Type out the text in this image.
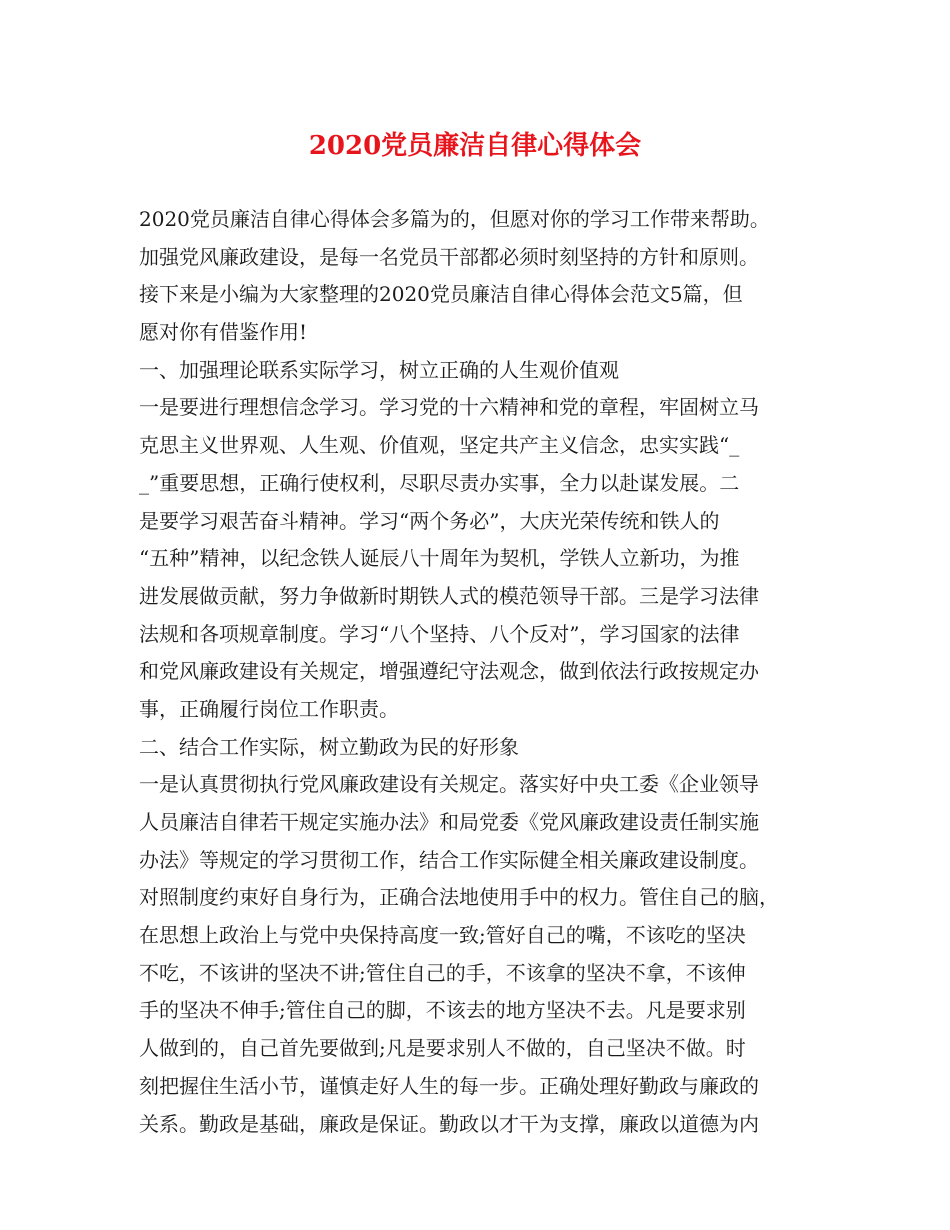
2020党员廉洁自律心得体会
2020党员廉洁自律心得体会多篇为的，但愿对你的学习工作带来帮助。
加强党风廉政建设，是每一名党员干部都必须时刻坚持的方针和原则。
接下来是小编为大家整理的2020党员廉洁自律心得体会范文5篇，但
愿对你有借鉴作用!
一、加强理论联系实际学习，树立正确的人生观价值观
一是要进行理想信念学习。学习党的十六精神和党的章程，牢固树立马
克思主义世界观、人生观、价值观，坚定共产主义信念，忠实实践“_
_”重要思想，正确行使权利，尽职尽责办实事，全力以赴谋发展。二
是要学习艰苦奋斗精神。学习“两个务必”，大庆光荣传统和铁人的
“五种”精神，以纪念铁人诞辰八十周年为契机，学铁人立新功，为推
进发展做贡献，努力争做新时期铁人式的模范领导干部。三是学习法律
法规和各项规章制度。学习“八个坚持、八个反对”，学习国家的法律
和党风廉政建设有关规定，增强遵纪守法观念，做到依法行政按规定办
事，正确履行岗位工作职责。
二、结合工作实际，树立勤政为民的好形象
一是认真贯彻执行党风廉政建设有关规定。落实好中央工委《企业领导
人员廉洁自律若干规定实施办法》和局党委《党风廉政建设责任制实施
办法》等规定的学习贯彻工作，结合工作实际健全相关廉政建设制度。
对照制度约束好自身行为，正确合法地使用手中的权力。管住自己的脑，
在思想上政治上与党中央保持高度一致;管好自己的嘴，不该吃的坚决
不吃，不该讲的坚决不讲;管住自己的手，不该拿的坚决不拿，不该伸
手的坚决不伸手;管住自己的脚，不该去的地方坚决不去。凡是要求别
人做到的，自己首先要做到;凡是要求别人不做的，自己坚决不做。时
刻把握住生活小节，谨慎走好人生的每一步。正确处理好勤政与廉政的
关系。勤政是基础，廉政是保证。勤政以才干为支撑，廉政以道德为内
